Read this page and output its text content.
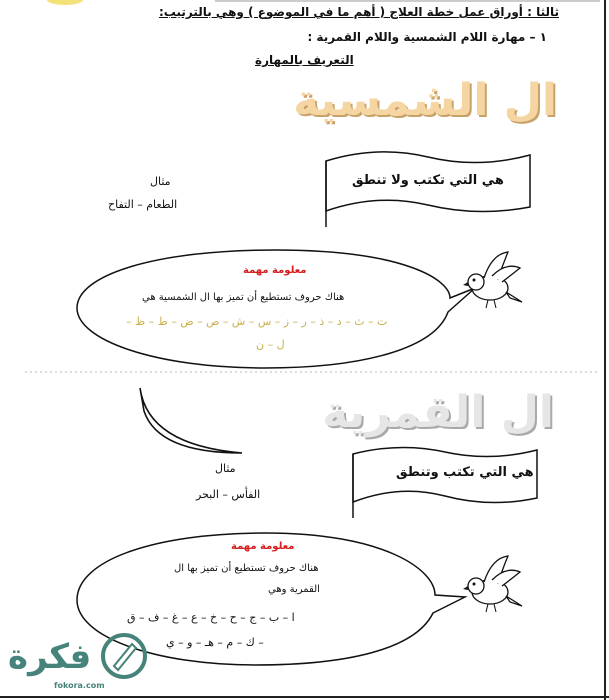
ثالثا : أوراق عمل خطة العلاج ( أهم ما في الموضوع ) وهي بالترتيب:
١ – مهارة اللام الشمسية واللام القمرية :
التعريف بالمهارة
ال الشمسية
هي التي تكتب ولا تنطق
مثال
الطعام – التفاح
معلومة مهمة
هناك حروف تستطيع أن تميز بها ال الشمسية هي
ت – ث – د – ذ – ر – ز – س – ش – ص – ض – ط – ظ –
ل – ن
ال القمرية
هي التي تكتب وتنطق
مثال
الفأس – البحر
معلومة مهمة
هناك حروف تستطيع أن تميز بها ال
القمرية وهي
ا – ب – ج – ح – خ – ع – غ – ف – ق
– ك – م – هـ – و – ي
فكرة
fokora.com
